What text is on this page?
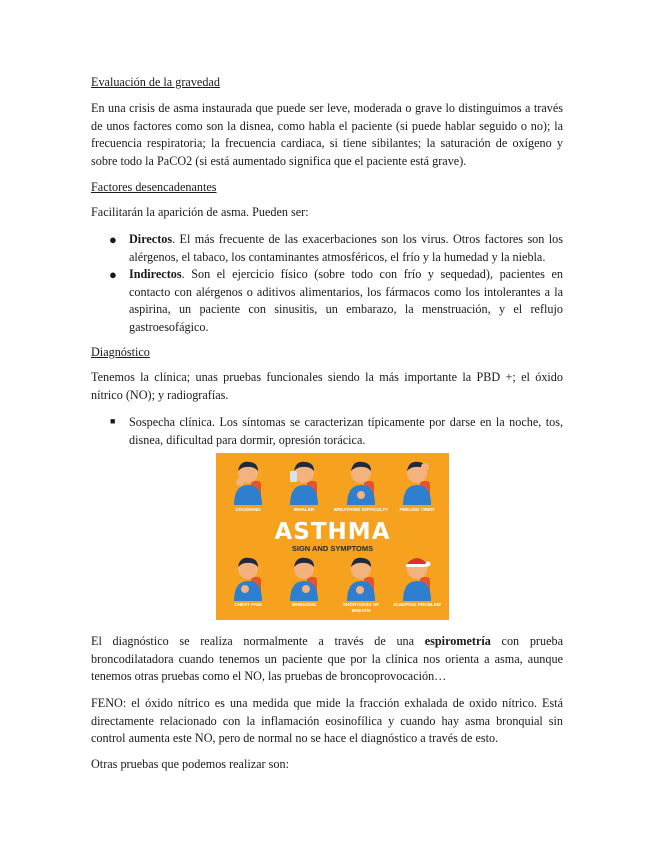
Evaluación de la gravedad

En una crisis de asma instaurada que puede ser leve, moderada o grave lo distinguimos a través de unos factores como son la disnea, como habla el paciente (si puede hablar seguido o no); la frecuencia respiratoria; la frecuencia cardiaca, si tiene sibilantes; la saturación de oxígeno y sobre todo la PaCO2 (si está aumentado significa que el paciente está grave).

Factores desencadenantes

Facilitarán la aparición de asma. Pueden ser:

● Directos. El más frecuente de las exacerbaciones son los virus. Otros factores son los alérgenos, el tabaco, los contaminantes atmosféricos, el frío y la humedad y la niebla.
● Indirectos. Son el ejercicio físico (sobre todo con frío y sequedad), pacientes en contacto con alérgenos o aditivos alimentarios, los fármacos como los intolerantes a la aspirina, un paciente con sinusitis, un embarazo, la menstruación, y el reflujo gastroesofágico.

Diagnóstico

Tenemos la clínica; unas pruebas funcionales siendo la más importante la PBD +; el óxido nítrico (NO); y radiografías.

■ Sospecha clínica. Los síntomas se caracterizan típicamente por darse en la noche, tos, disnea, dificultad para dormir, opresión torácica.

El diagnóstico se realiza normalmente a través de una espirometría con prueba broncodilatadora cuando tenemos un paciente que por la clínica nos orienta a asma, aunque tenemos otras pruebas como el NO, las pruebas de broncoprovocación…

FENO: el óxido nítrico es una medida que mide la fracción exhalada de oxido nítrico. Está directamente relacionado con la inflamación eosinofílica y cuando hay asma bronquial sin control aumenta este NO, pero de normal no se hace el diagnóstico a través de esto.

Otras pruebas que podemos realizar son:

COUGHING	INHALER	BREATHING DIFFICULTY	FEELING TIRED
ASTHMA
SIGN AND SYMPTOMS
CHEST PAIN	WHEEZING	SHORTNESS OF BREATH
SLEEPING PROBLEM
